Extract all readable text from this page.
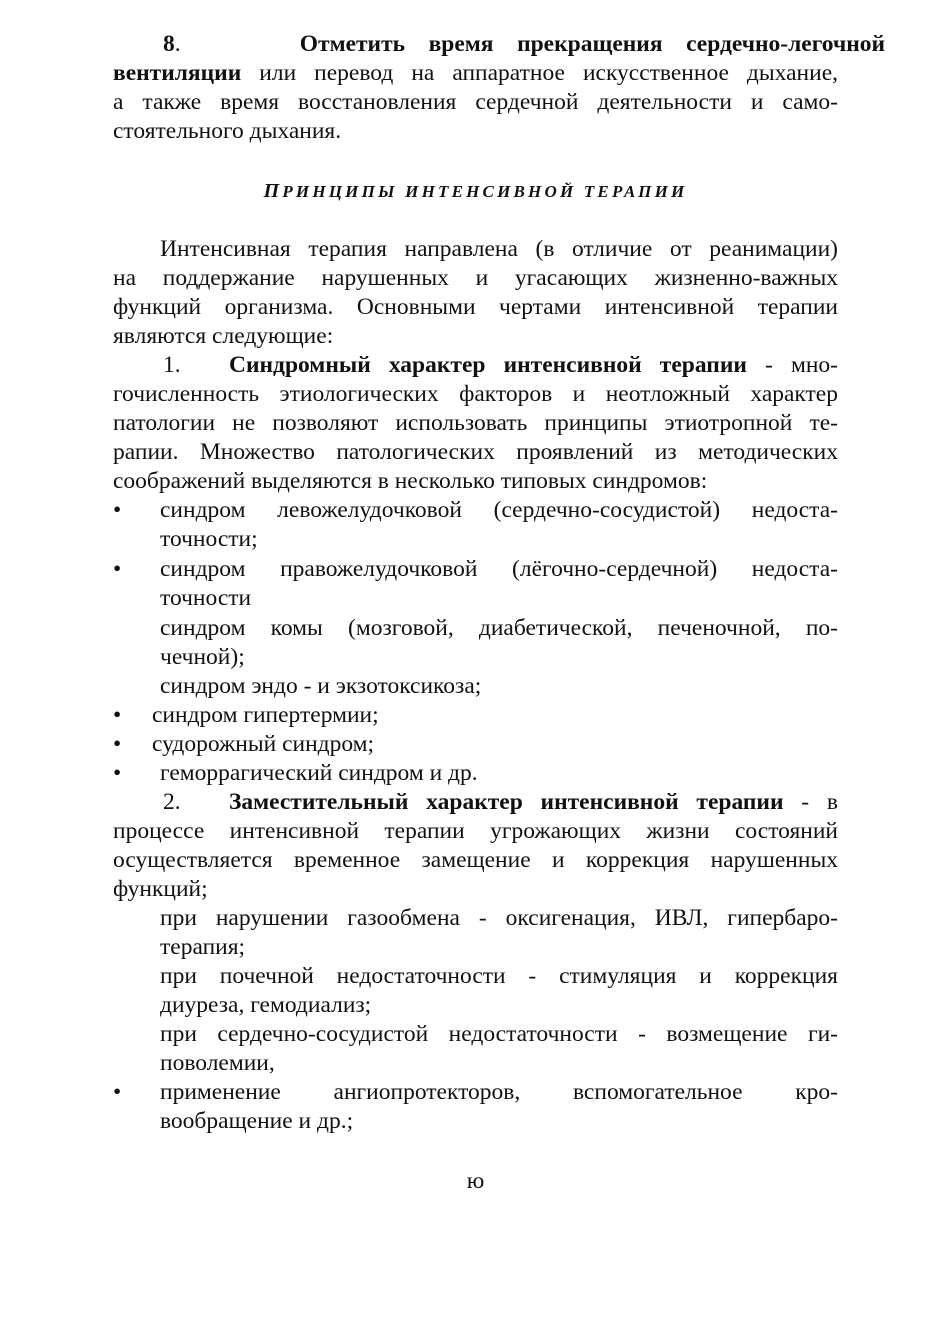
8.	Отметить время прекращения сердечно-легочной
вентиляции или перевод на аппаратное искусственное дыхание,
а также время восстановления сердечной деятельности и само-
стоятельного дыхания.
ПРИНЦИПЫ ИНТЕНСИВНОЙ ТЕРАПИИ
Интенсивная терапия направлена (в отличие от реанимации)
на поддержание нарушенных и угасающих жизненно-важных
функций организма. Основными чертами интенсивной терапии
являются следующие:
1. Синдромный характер интенсивной терапии - мно-
гочисленность этиологических факторов и неотложный характер
патологии не позволяют использовать принципы этиотропной те-
рапии. Множество патологических проявлений из методических
соображений выделяются в несколько типовых синдромов:
•	синдром левожелудочковой (сердечно-сосудистой) недоста-
точности;
•	синдром правожелудочковой (лёгочно-сердечной) недоста-
точности
синдром комы (мозговой, диабетической, печеночной, по-
чечной);
синдром эндо - и экзотоксикоза;
•	синдром гипертермии;
•	судорожный синдром;
•	геморрагический синдром и др.
2. Заместительный характер интенсивной терапии - в
процессе интенсивной терапии угрожающих жизни состояний
осуществляется временное замещение и коррекция нарушенных
функций;
при нарушении газообмена - оксигенация, ИВЛ, гипербаро-
терапия;
при почечной недостаточности - стимуляция и коррекция
диуреза, гемодиализ;
при сердечно-сосудистой недостаточности - возмещение ги-
поволемии,
•	применение ангиопротекторов, вспомогательное кро-
вообращение и др.;
ю
